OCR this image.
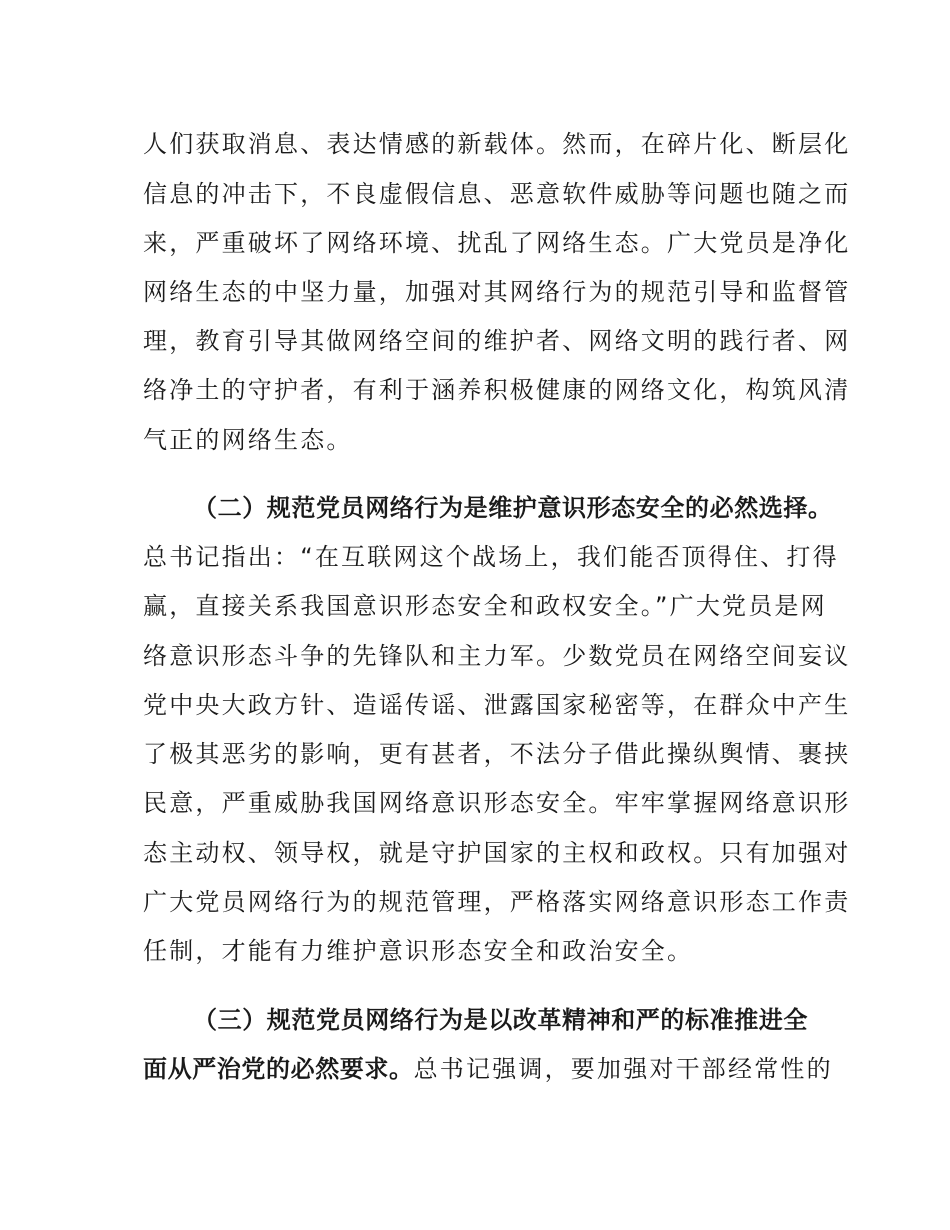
人们获取消息、表达情感的新载体。然而，在碎片化、断层化
信息的冲击下，不良虚假信息、恶意软件威胁等问题也随之而
来，严重破坏了网络环境、扰乱了网络生态。广大党员是净化
网络生态的中坚力量，加强对其网络行为的规范引导和监督管
理，教育引导其做网络空间的维护者、网络文明的践行者、网
络净土的守护者，有利于涵养积极健康的网络文化，构筑风清
气正的网络生态。
（二）规范党员网络行为是维护意识形态安全的必然选择。
总书记指出：“在互联网这个战场上，我们能否顶得住、打得
赢，直接关系我国意识形态安全和政权安全。”广大党员是网
络意识形态斗争的先锋队和主力军。少数党员在网络空间妄议
党中央大政方针、造谣传谣、泄露国家秘密等，在群众中产生
了极其恶劣的影响，更有甚者，不法分子借此操纵舆情、裹挟
民意，严重威胁我国网络意识形态安全。牢牢掌握网络意识形
态主动权、领导权，就是守护国家的主权和政权。只有加强对
广大党员网络行为的规范管理，严格落实网络意识形态工作责
任制，才能有力维护意识形态安全和政治安全。
（三）规范党员网络行为是以改革精神和严的标准推进全
面从严治党的必然要求。总书记强调，要加强对干部经常性的
